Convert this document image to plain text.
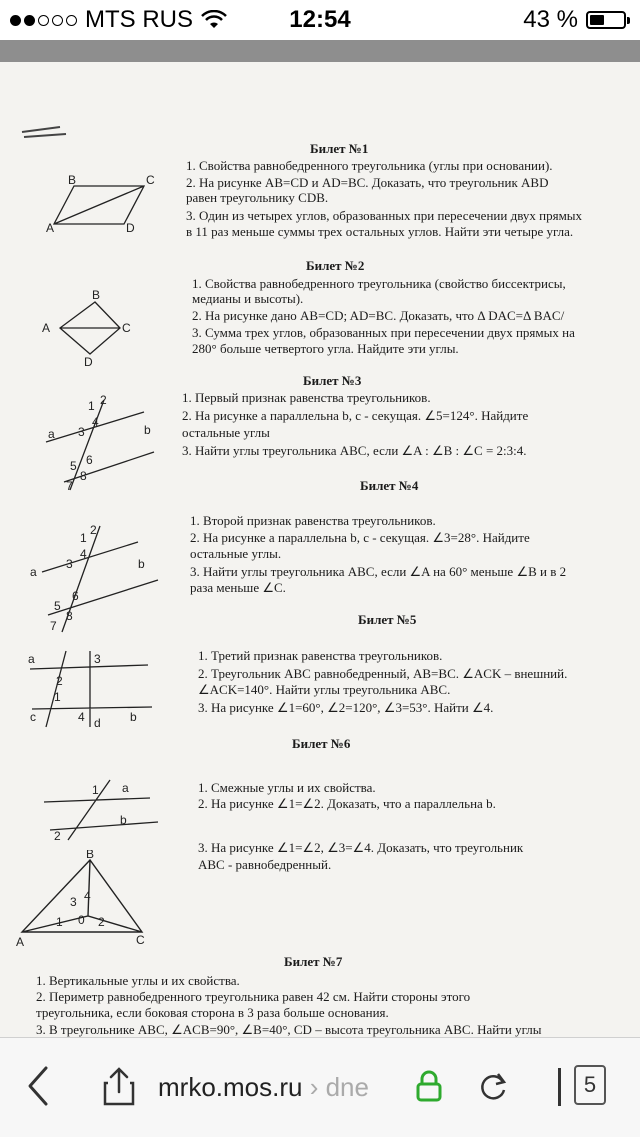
MTS RUS	12:54	43 %
Билет №1
1. Свойства равнобедренного треугольника (углы при основании).
2. На рисунке AB=CD и AD=BC. Доказать, что треугольник ABD
равен треугольнику CDB.
3. Один из четырех углов, образованных при пересечении двух прямых
в 11 раз меньше суммы трех остальных углов. Найти эти четыре угла.
B	C
A	D
Билет №2
1. Свойства равнобедренного треугольника (свойство биссектрисы,
медианы и высоты).
2. На рисунке дано AB=CD; AD=BC. Доказать, что Δ DAC=Δ BAC/
3. Сумма трех углов, образованных при пересечении двух прямых на
280° больше четвертого угла. Найдите эти углы.
B
A	C
D
Билет №3
1. Первый признак равенства треугольников.
2. На рисунке a параллельна b, c - секущая. ∠5=124°. Найдите
остальные углы
3. Найти углы треугольника ABC, если ∠A : ∠B : ∠C = 2:3:4.
1 2
a 3
4
b
6
5
8
7	Билет №4
1. Второй признак равенства треугольников.
2. На рисунке a параллельна b, c - секущая. ∠3=28°. Найдите
остальные углы.
3. Найти углы треугольника ABC, если ∠A на 60° меньше ∠B и в 2
раза меньше ∠C.
1
2
a
3
4
b
6
5
8
7	Билет №5
1. Третий признак равенства треугольников.
2. Треугольник ABC равнобедренный, AB=BC. ∠ACK – внешний.
∠ACK=140°. Найти углы треугольника ABC.
3. На рисунке ∠1=60°, ∠2=120°, ∠3=53°. Найти ∠4.
a	3
2
1
c	4 d b
Билет №6
1. Смежные углы и их свойства.
2. На рисунке ∠1=∠2. Доказать, что a параллельна b.
3. На рисунке ∠1=∠2, ∠3=∠4. Доказать, что треугольник
ABC - равнобедренный.
1 a
b
2
B
3 4
1 0 2
A	C
Билет №7
1. Вертикальные углы и их свойства.
2. Периметр равнобедренного треугольника равен 42 см. Найти стороны этого
треугольника, если боковая сторона в 3 раза больше основания.
3. В треугольнике ABC, ∠ACB=90°, ∠B=40°, CD – высота треугольника ABC. Найти углы
mrko.mos.ru › dne	5
